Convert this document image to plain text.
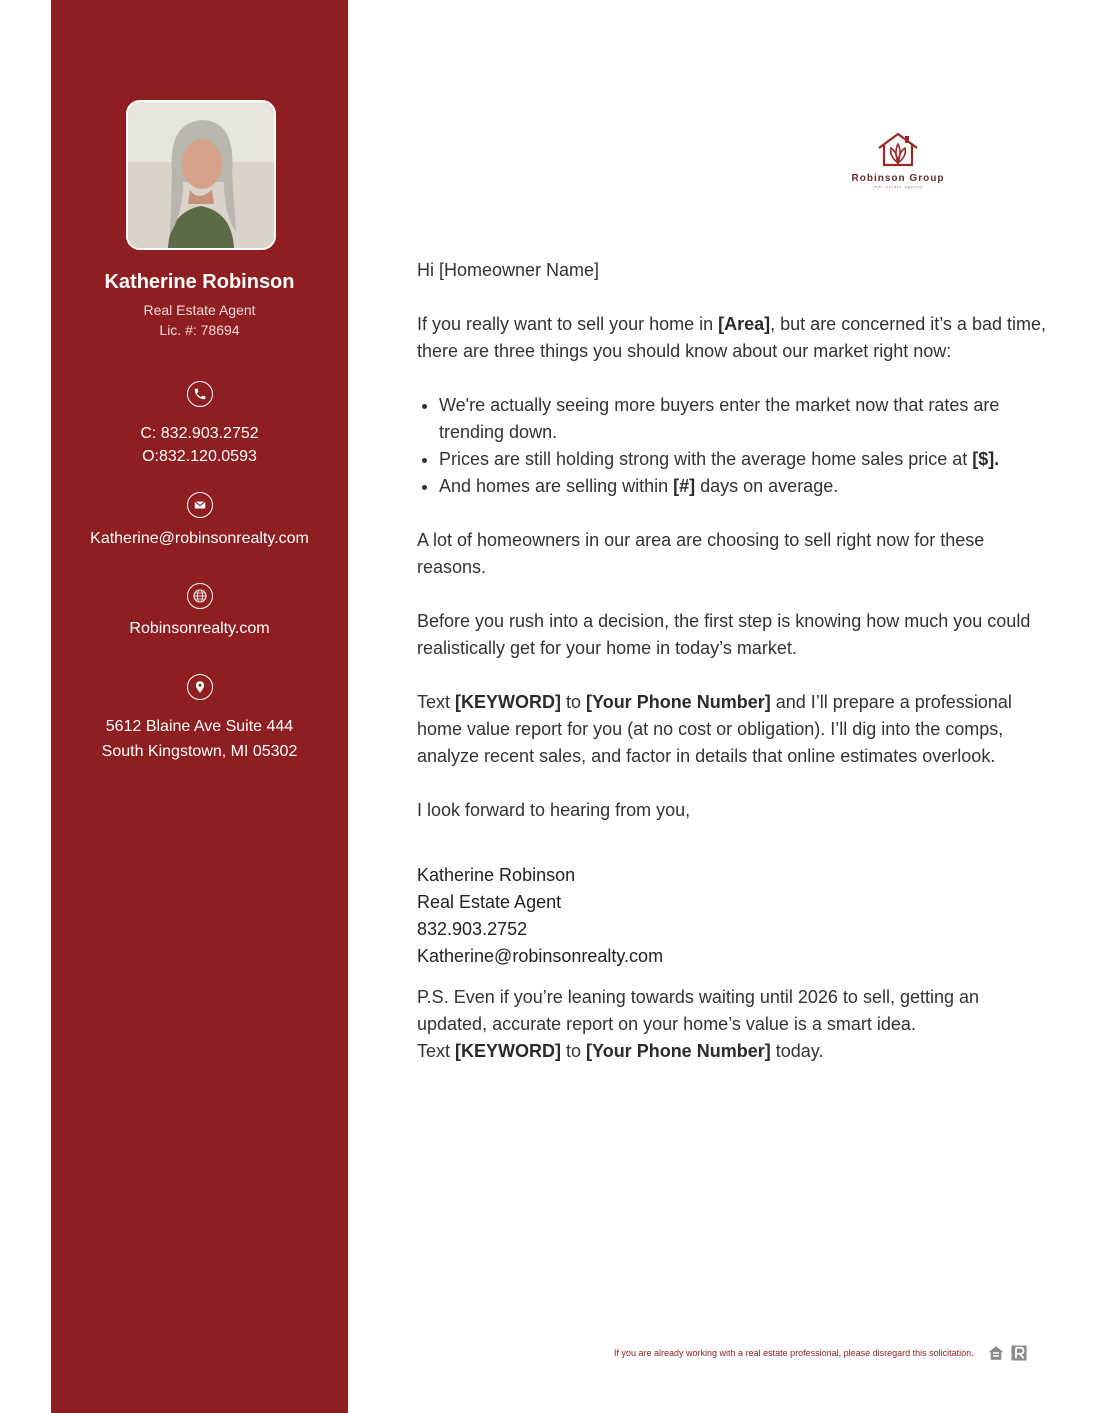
Katherine Robinson
Real Estate Agent
Lic. #: 78694
C: 832.903.2752
O:832.120.0593
Katherine@robinsonrealty.com
Robinsonrealty.com
5612 Blaine Ave Suite 444
South Kingstown, MI 05302
Robinson Group
real estate agency

Hi [Homeowner Name]

If you really want to sell your home in [Area], but are concerned it’s a bad time, there are three things you should know about our market right now:

• We're actually seeing more buyers enter the market now that rates are trending down.
• Prices are still holding strong with the average home sales price at [$].
• And homes are selling within [#] days on average.

A lot of homeowners in our area are choosing to sell right now for these reasons.

Before you rush into a decision, the first step is knowing how much you could realistically get for your home in today’s market.

Text [KEYWORD] to [Your Phone Number] and I’ll prepare a professional home value report for you (at no cost or obligation). I’ll dig into the comps, analyze recent sales, and factor in details that online estimates overlook.

I look forward to hearing from you,

Katherine Robinson
Real Estate Agent
832.903.2752
Katherine@robinsonrealty.com

P.S. Even if you’re leaning towards waiting until 2026 to sell, getting an updated, accurate report on your home’s value is a smart idea.

Text [KEYWORD] to [Your Phone Number] today.

If you are already working with a real estate professional, please disregard this solicitation.
